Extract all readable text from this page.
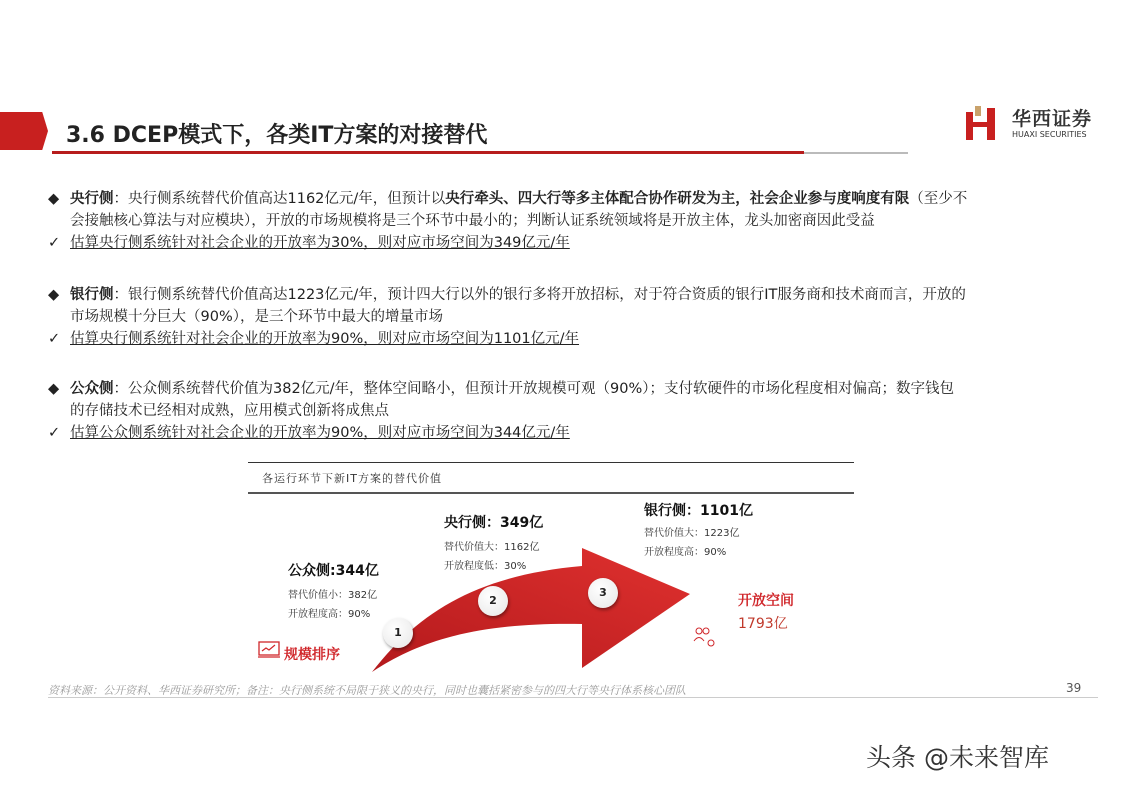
3.6 DCEP模式下，各类IT方案的对接替代
华西证券
HUAXI SECURITIES
◆ 央行侧：央行侧系统替代价值高达1162亿元/年，但预计以央行牵头、四大行等多主体配合协作研发为主，社会企业参与度响度有限（至少不
会接触核心算法与对应模块），开放的市场规模将是三个环节中最小的；判断认证系统领域将是开放主体，龙头加密商因此受益
✓ 估算央行侧系统针对社会企业的开放率为30%，则对应市场空间为349亿元/年
◆ 银行侧：银行侧系统替代价值高达1223亿元/年，预计四大行以外的银行多将开放招标，对于符合资质的银行IT服务商和技术商而言，开放的
市场规模十分巨大（90%），是三个环节中最大的增量市场
✓ 估算央行侧系统针对社会企业的开放率为90%，则对应市场空间为1101亿元/年
◆ 公众侧：公众侧系统替代价值为382亿元/年，整体空间略小，但预计开放规模可观（90%）；支付软硬件的市场化程度相对偏高；数字钱包
的存储技术已经相对成熟，应用模式创新将成焦点
✓ 估算公众侧系统针对社会企业的开放率为90%，则对应市场空间为344亿元/年
各运行环节下新IT方案的替代价值
1
2
3
公众侧:344亿
替代价值小：382亿
开放程度高：90%
央行侧：349亿
替代价值大：1162亿
开放程度低：30%
银行侧：1101亿
替代价值大：1223亿
开放程度高：90%
规模排序
开放空间
1793亿
资料来源：公开资料、华西证券研究所；备注：央行侧系统不局限于狭义的央行，同时也囊括紧密参与的四大行等央行体系核心团队	39
头条 @未来智库
